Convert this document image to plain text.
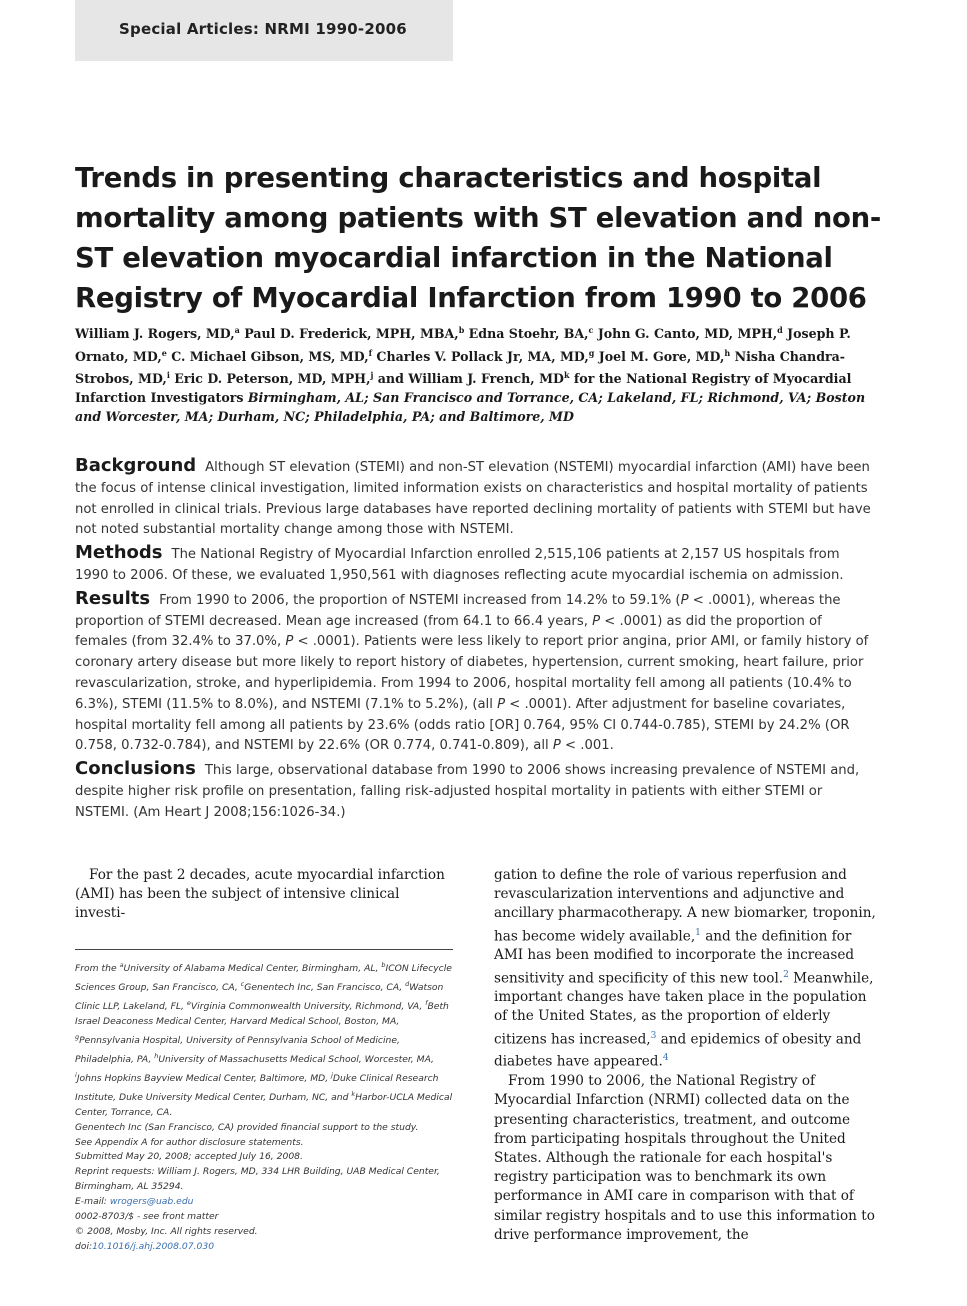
Special Articles: NRMI 1990-2006
Trends in presenting characteristics and hospital mortality among patients with ST elevation and non-ST elevation myocardial infarction in the National Registry of Myocardial Infarction from 1990 to 2006

William J. Rogers, MD,$^a$ Paul D. Frederick, MPH, MBA,$^b$ Edna Stoehr, BA,$^c$ John G. Canto, MD, MPH,$^d$ Joseph P. Ornato, MD,$^e$ C. Michael Gibson, MS, MD,$^f$ Charles V. Pollack Jr, MA, MD,$^g$ Joel M. Gore, MD,$^h$ Nisha Chandra-Strobos, MD,$^i$ Eric D. Peterson, MD, MPH,$^j$ and William J. French, $MD^k$ for the National Registry of Myocardial Infarction Investigators Birmingham, AL; San Francisco and Torrance, CA; Lakeland, FL; Richmond, VA; Boston and Worcester, MA; Durham, NC; Philadelphia, PA; and Baltimore, MD

Background Although ST elevation (STEMI) and non-ST elevation (NSTEMI) myocardial infarction (AMI) have been the focus of intense clinical investigation, limited information exists on characteristics and hospital mortality of patients not enrolled in clinical trials. Previous large databases have reported declining mortality of patients with STEMI but have not noted substantial mortality change among those with NSTEMI.

Methods The National Registry of Myocardial Infarction enrolled 2,515,106 patients at 2,157 US hospitals from 1990 to 2006. Of these, we evaluated 1,950,561 with diagnoses reflecting acute myocardial ischemia on admission.

Results From 1990 to 2006, the proportion of NSTEMI increased from 14.2% to 59.1% (P < .0001), whereas the proportion of STEMI decreased. Mean age increased (from 64.1 to 66.4 years, P < .0001) as did the proportion of females (from 32.4% to 37.0%, P < .0001). Patients were less likely to report prior angina, prior AMI, or family history of coronary artery disease but more likely to report history of diabetes, hypertension, current smoking, heart failure, prior revascularization, stroke, and hyperlipidemia. From 1994 to 2006, hospital mortality fell among all patients (10.4% to 6.3%), STEMI (11.5% to 8.0%), and NSTEMI (7.1% to 5.2%), (all P < .0001). After adjustment for baseline covariates, hospital mortality fell among all patients by 23.6% (odds ratio [OR] 0.764, 95% CI 0.744-0.785), STEMI by 24.2% (OR 0.758, 0.732-0.784), and NSTEMI by 22.6% (OR 0.774, 0.741-0.809), all P < .001.

Conclusions This large, observational database from 1990 to 2006 shows increasing prevalence of NSTEMI and, despite higher risk profile on presentation, falling risk-adjusted hospital mortality in patients with either STEMI or NSTEMI. (Am Heart J 2008;156:1026-34.)

For the past 2 decades, acute myocardial infarction (AMI) has been the subject of intensive clinical investi-

From the $^a$University of Alabama Medical Center, Birmingham, AL, $^b$ICON Lifecycle Sciences Group, San Francisco, CA, $^c$Genentech Inc, San Francisco, CA, $^d$Watson Clinic LLP, Lakeland, FL, $^e$Virginia Commonwealth University, Richmond, VA, $^f$Beth Israel Deaconess Medical Center, Harvard Medical School, Boston, MA, $^g$Pennsylvania Hospital, University of Pennsylvania School of Medicine, Philadelphia, PA, $^h$University of Massachusetts Medical School, Worcester, MA, $^i$Johns Hopkins Bayview Medical Center, Baltimore, MD, $^j$Duke Clinical Research Institute, Duke University Medical Center, Durham, NC, and $^k$Harbor-UCLA Medical Center, Torrance, CA.
Genentech Inc (San Francisco, CA) provided financial support to the study.
See Appendix A for author disclosure statements.
Submitted May 20, 2008; accepted July 16, 2008.
Reprint requests: William J. Rogers, MD, 334 LHR Building, UAB Medical Center, Birmingham, AL 35294.
E-mail: wrogers@uab.edu
0002-8703/$ - see front matter
© 2008, Mosby, Inc. All rights reserved.
doi:10.1016/j.ahj.2008.07.030

gation to define the role of various reperfusion and revascularization interventions and adjunctive and ancillary pharmacotherapy. A new biomarker, troponin, has become widely available,$^1$ and the definition for AMI has been modified to incorporate the increased sensitivity and specificity of this new tool.$^2$ Meanwhile, important changes have taken place in the population of the United States, as the proportion of elderly citizens has increased,$^3$ and epidemics of obesity and diabetes have appeared.$^4$

From 1990 to 2006, the National Registry of Myocardial Infarction (NRMI) collected data on the presenting characteristics, treatment, and outcome from participating hospitals throughout the United States. Although the rationale for each hospital's registry participation was to benchmark its own performance in AMI care in comparison with that of similar registry hospitals and to use this information to drive performance improvement, the
